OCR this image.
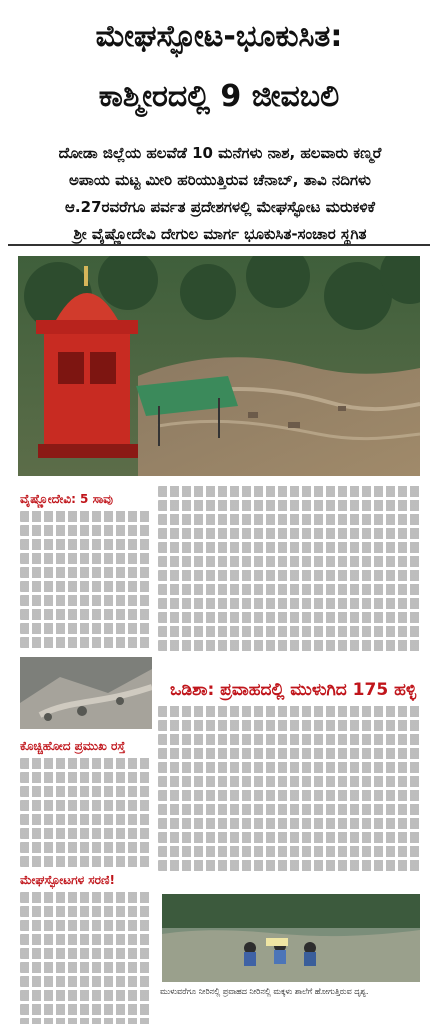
ಮೇಘಸ್ಫೋಟ-ಭೂಕುಸಿತ:
ಕಾಶ್ಮೀರದಲ್ಲಿ 9 ಜೀವಬಲಿ
ದೋಡಾ ಜಿಲ್ಲೆಯ ಹಲವೆಡೆ 10 ಮನೆಗಳು ನಾಶ, ಹಲವಾರು ಕಣ್ಮರೆ
ಅಪಾಯ ಮಟ್ಟ ಮೀರಿ ಹರಿಯುತ್ತಿರುವ ಚೆನಾಬ್, ತಾವಿ ನದಿಗಳು
ಆ.27ರವರೆಗೂ ಪರ್ವತ ಪ್ರದೇಶಗಳಲ್ಲಿ ಮೇಘಸ್ಫೋಟ ಮರುಕಳಿಕೆ
ಶ್ರೀ ವೈಷ್ಣೋದೇವಿ ದೇಗುಲ ಮಾರ್ಗ ಭೂಕುಸಿತ-ಸಂಚಾರ ಸ್ಥಗಿತ
ವೈಷ್ಣೋದೇವಿ: 5 ಸಾವು
ಕೊಚ್ಚಿಹೋದ ಪ್ರಮುಖ ರಸ್ತೆ
ಮೇಘಸ್ಫೋಟಗಳ ಸರಣಿ!
ಒಡಿಶಾ: ಪ್ರವಾಹದಲ್ಲಿ ಮುಳುಗಿದ 175 ಹಳ್ಳಿ
ಮುಳುವರೆಗೂ ನೀರಿನಲ್ಲಿ ಪ್ರವಾಹದ ನೀರಿನಲ್ಲಿ ಮಕ್ಕಳು ಶಾಲೆಗೆ ಹೋಗುತ್ತಿರುವ ದೃಶ್ಯ.
